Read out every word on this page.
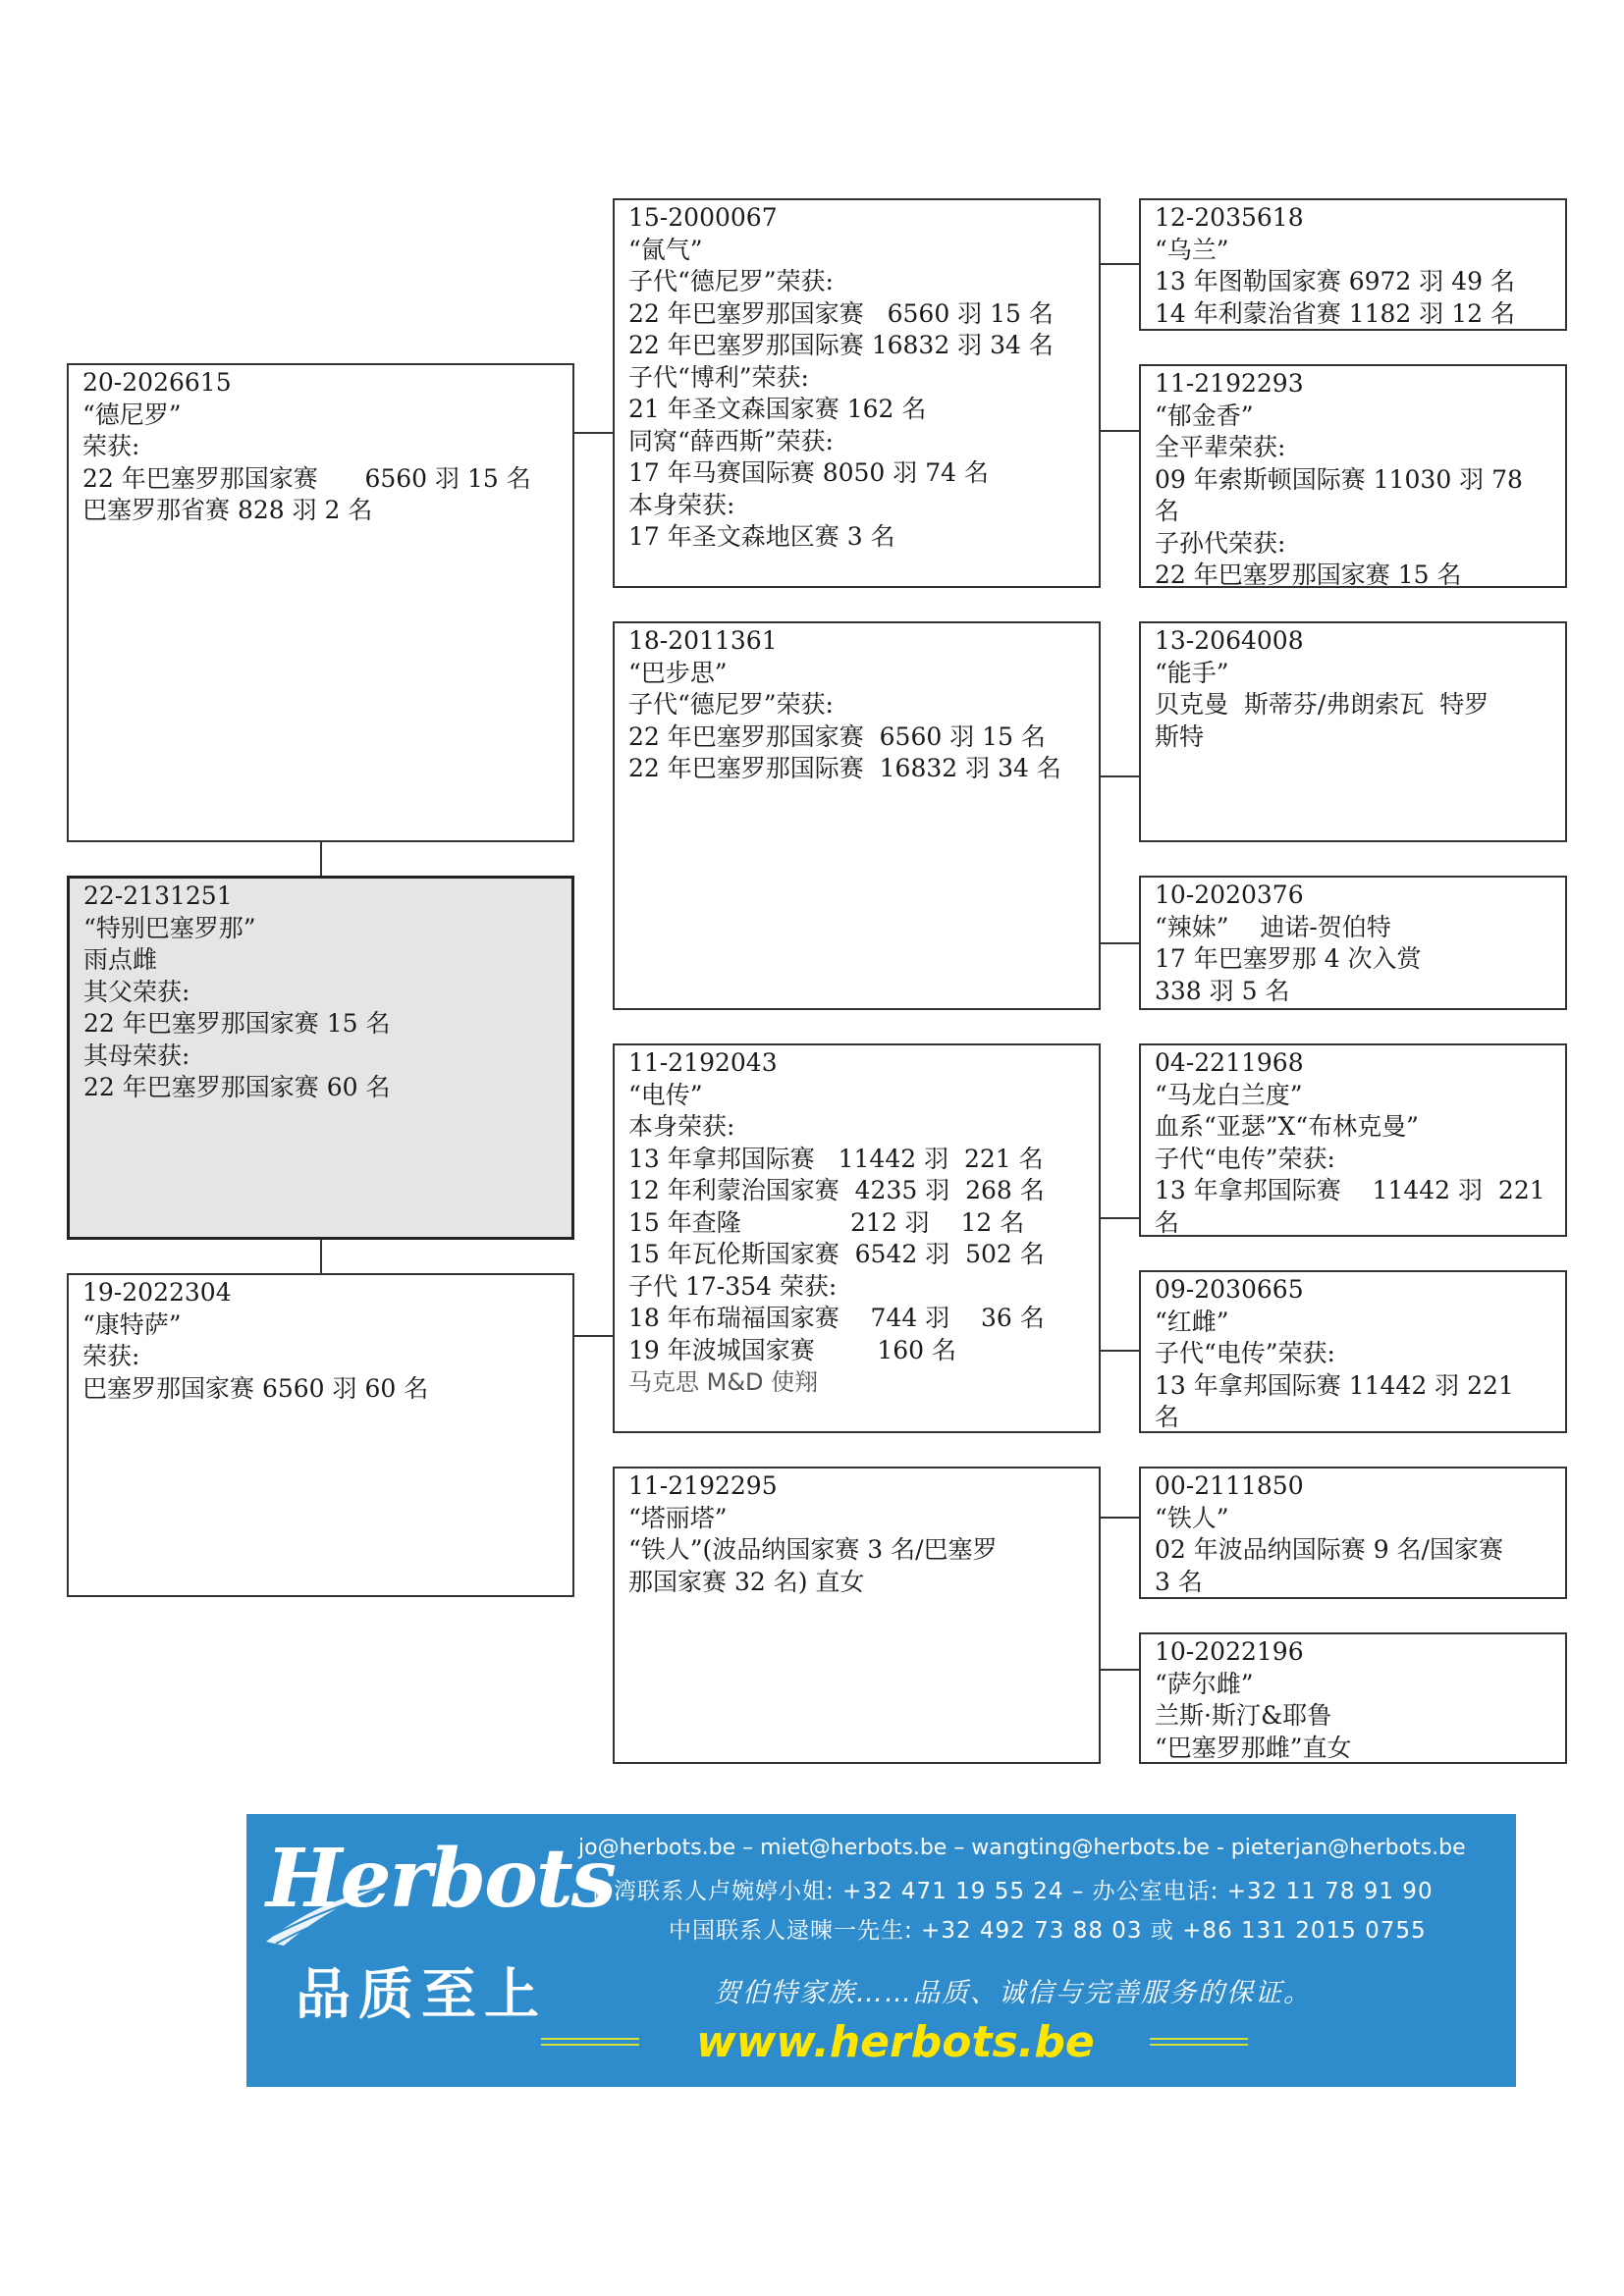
20-2026615
“德尼罗”
荣获:
22 年巴塞罗那国家赛      6560 羽 15 名
巴塞罗那省赛 828 羽 2 名
22-2131251
“特别巴塞罗那”
雨点雌
其父荣获:
22 年巴塞罗那国家赛 15 名
其母荣获:
22 年巴塞罗那国家赛 60 名
19-2022304
“康特萨”
荣获:
巴塞罗那国家赛 6560 羽 60 名
15-2000067
“氤气”
子代“德尼罗”荣获:
22 年巴塞罗那国家赛   6560 羽 15 名
22 年巴塞罗那国际赛 16832 羽 34 名
子代“博利”荣获:
21 年圣文森国家赛 162 名
同窝“薛西斯”荣获:
17 年马赛国际赛 8050 羽 74 名
本身荣获:
17 年圣文森地区赛 3 名
18-2011361
“巴步思”
子代“德尼罗”荣获:
22 年巴塞罗那国家赛  6560 羽 15 名
22 年巴塞罗那国际赛  16832 羽 34 名
11-2192043
“电传”
本身荣获:
13 年拿邦国际赛   11442 羽  221 名
12 年利蒙治国家赛  4235 羽  268 名
15 年查隆              212 羽    12 名
15 年瓦伦斯国家赛  6542 羽  502 名
子代 17-354 荣获:
18 年布瑞福国家赛    744 羽    36 名
19 年波城国家赛        160 名
马克思 M&D 使翔
11-2192295
“塔丽塔”
“铁人”(波品纳国家赛 3 名/巴塞罗
那国家赛 32 名) 直女
12-2035618
“乌兰”
13 年图勒国家赛 6972 羽 49 名
14 年利蒙治省赛 1182 羽 12 名
11-2192293
“郁金香”
全平辈荣获:
09 年索斯顿国际赛 11030 羽 78
名
子孙代荣获:
22 年巴塞罗那国家赛 15 名
13-2064008
“能手”
贝克曼  斯蒂芬/弗朗索瓦  特罗
斯特
10-2020376
“辣妹”    迪诺-贺伯特
17 年巴塞罗那 4 次入赏
338 羽 5 名
04-2211968
“马龙白兰度”
血系“亚瑟”X“布林克曼”
子代“电传”荣获:
13 年拿邦国际赛    11442 羽  221
名
09-2030665
“红雌”
子代“电传”荣获:
13 年拿邦国际赛 11442 羽 221
名
00-2111850
“铁人”
02 年波品纳国际赛 9 名/国家赛
3 名
10-2022196
“萨尔雌”
兰斯·斯汀&耶鲁
“巴塞罗那雌”直女
Herbots
品质至上
jo@herbots.be – miet@herbots.be – wangting@herbots.be - pieterjan@herbots.be
台湾联系人卢婉婷小姐: +32 471 19 55 24 – 办公室电话: +32 11 78 91 90
中国联系人逯暕一先生: +32 492 73 88 03 或 +86 131 2015 0755
贺伯特家族……品质、诚信与完善服务的保证。
www.herbots.be
